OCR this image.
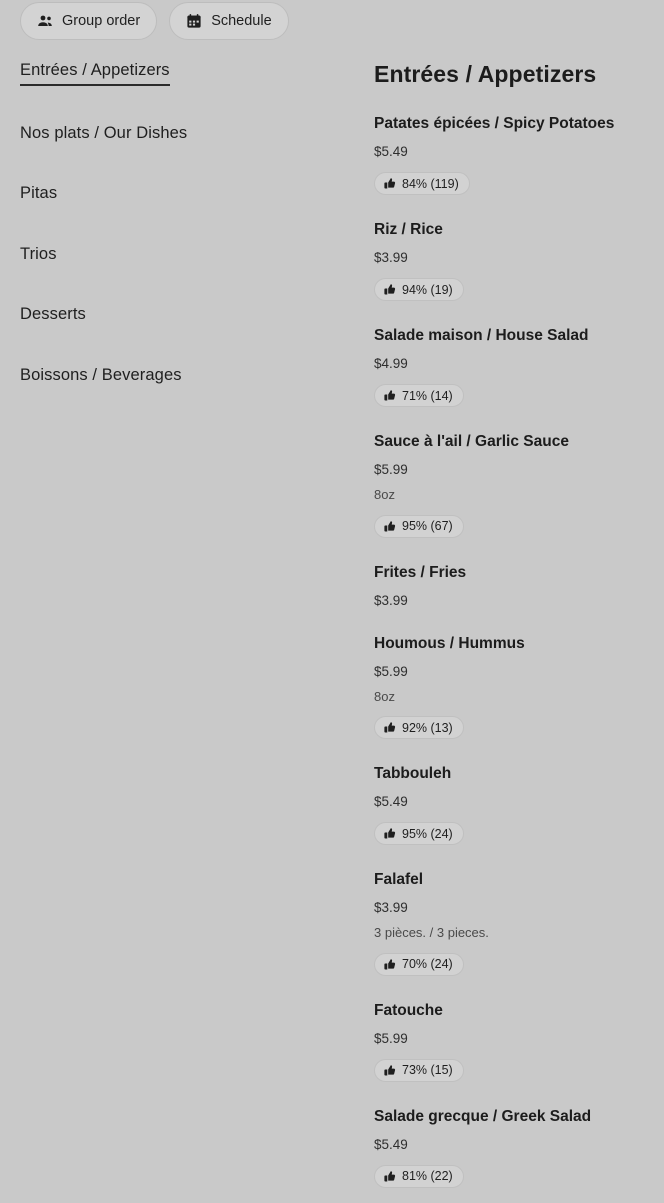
Group order	Schedule
Entrées / Appetizers
Nos plats / Our Dishes
Pitas
Trios
Desserts
Boissons / Beverages
Entrées / Appetizers

Patates épicées / Spicy Potatoes

$5.49

84% (119)

Riz / Rice

$3.99

94% (19)

Salade maison / House Salad

$4.99

71% (14)

Sauce à l'ail / Garlic Sauce

$5.99

8oz

95% (67)

Frites / Fries

$3.99

Houmous / Hummus

$5.99

8oz

92% (13)

Tabbouleh

$5.49

95% (24)

Falafel

$3.99

3 pièces. / 3 pieces.

70% (24)

Fatouche

$5.99

73% (15)

Salade grecque / Greek Salad

$5.49

81% (22)
